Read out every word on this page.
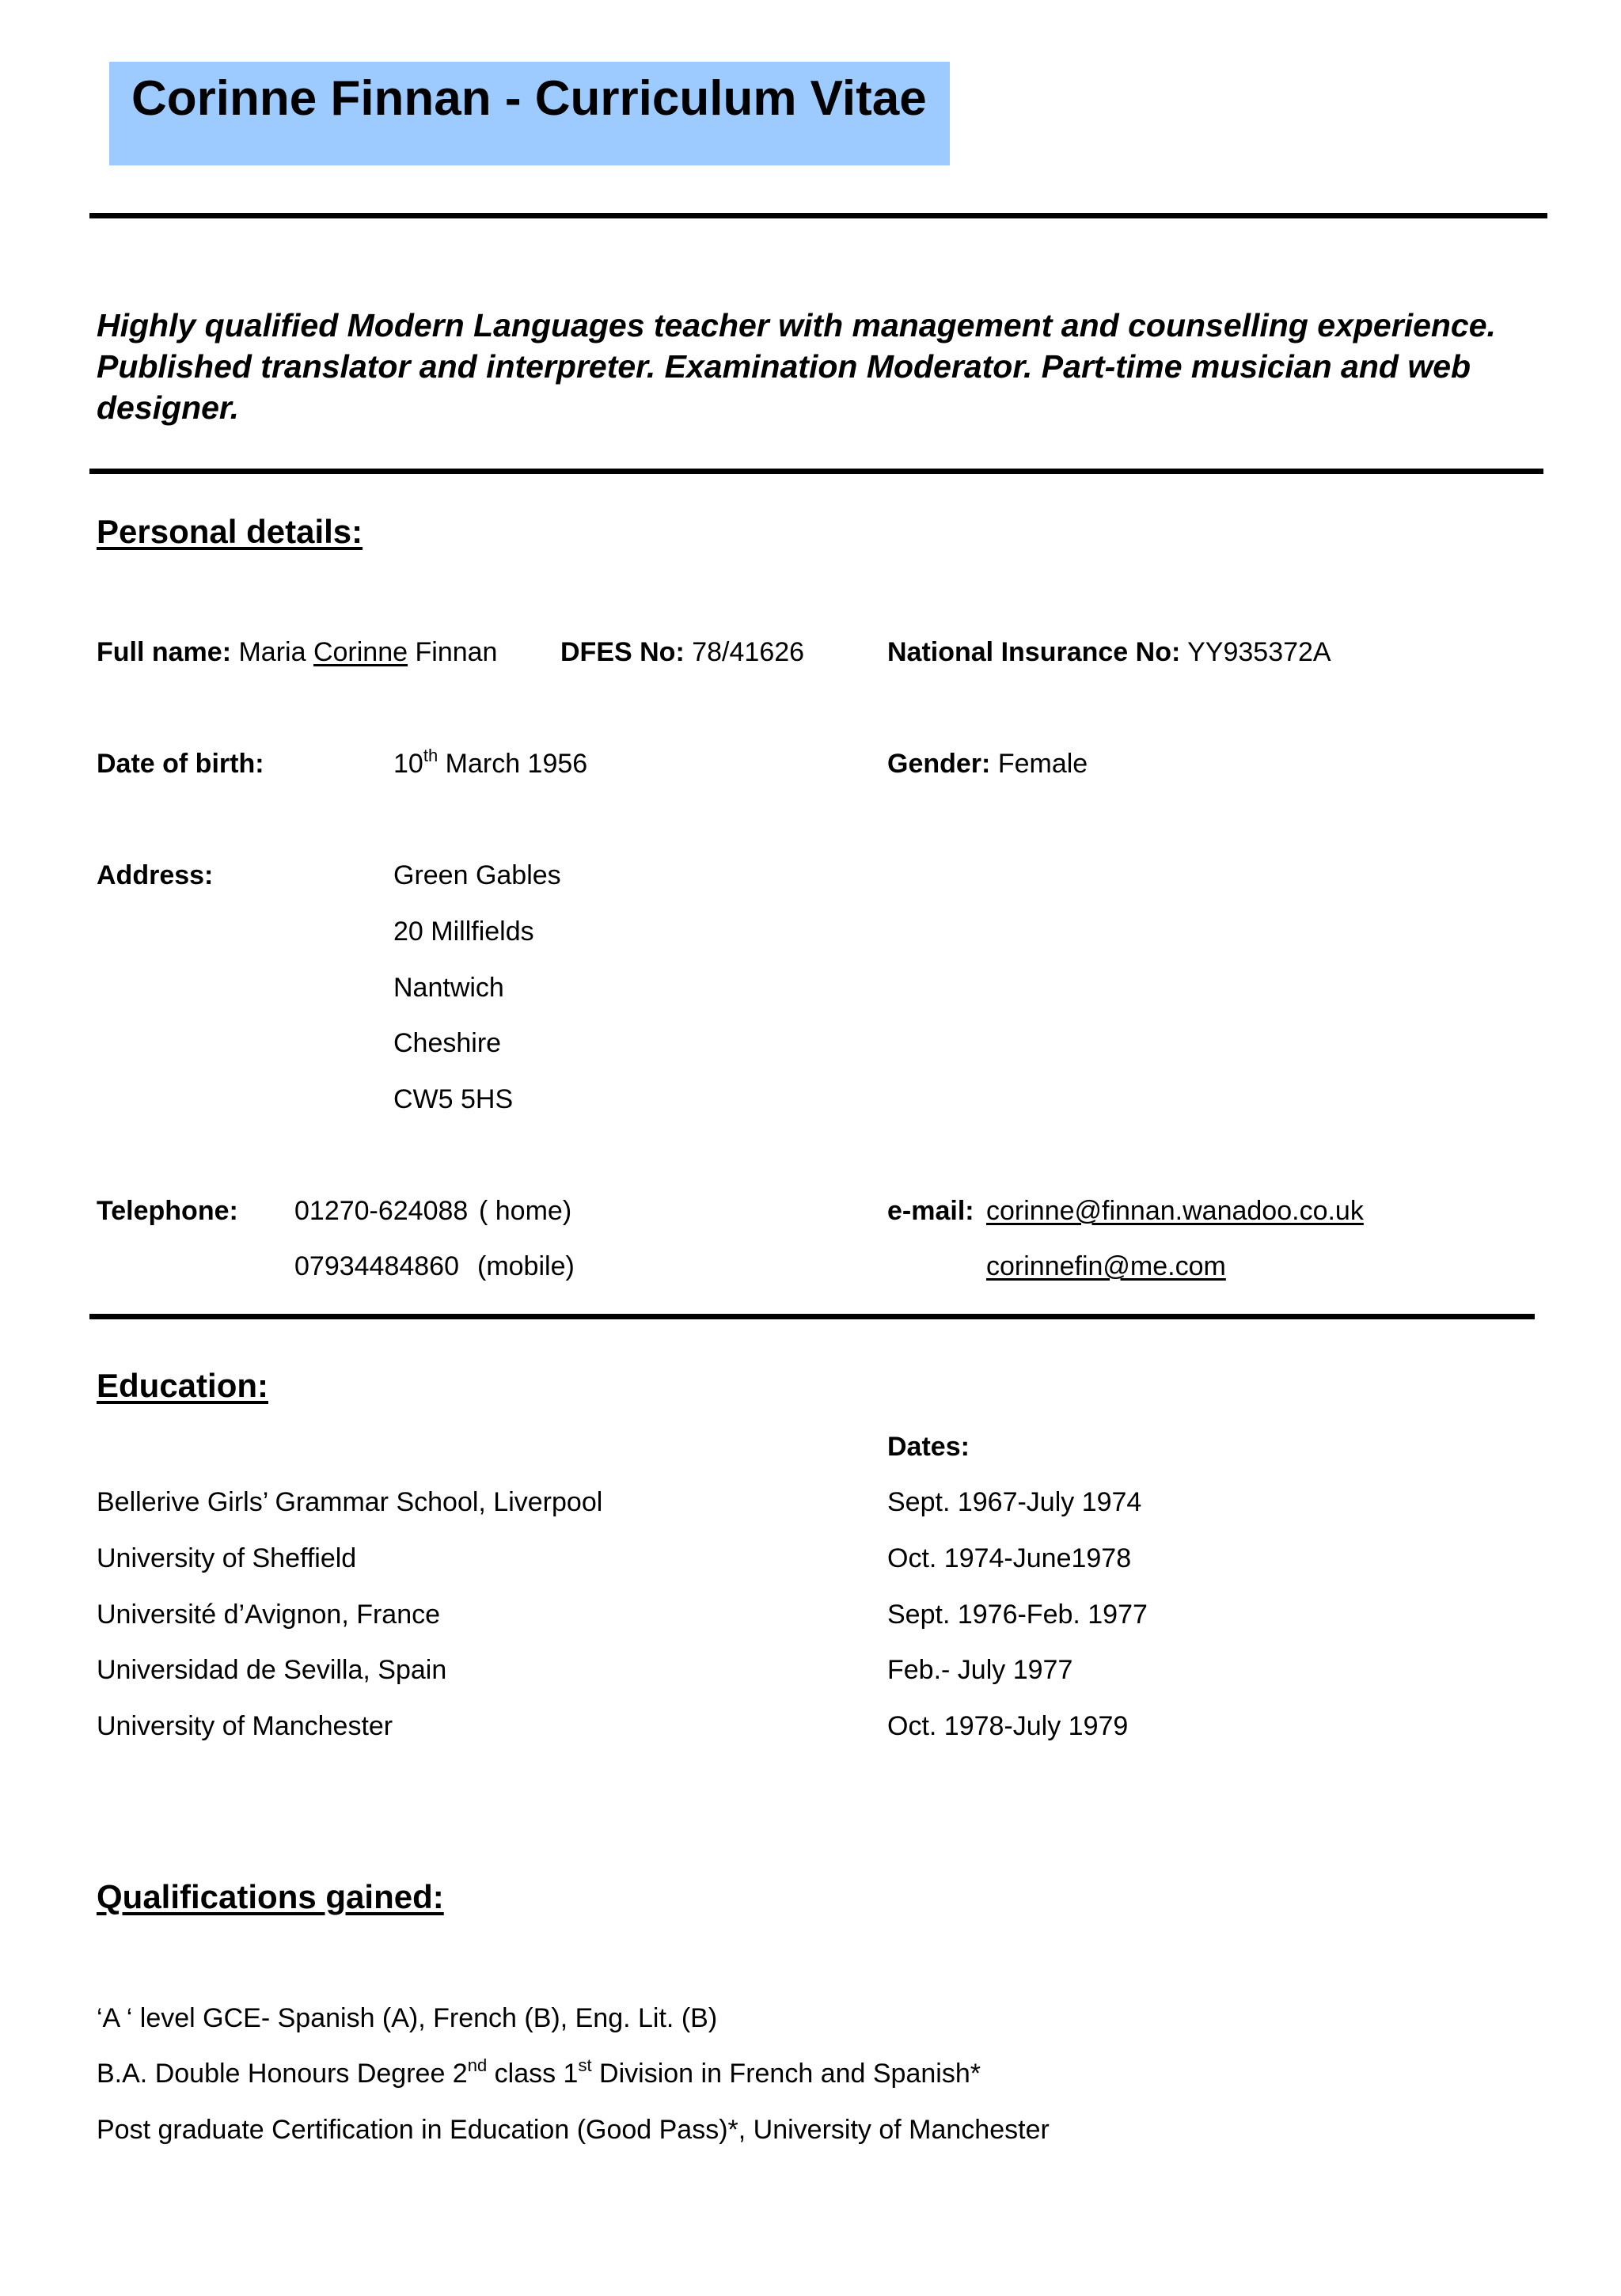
Corinne Finnan - Curriculum Vitae
Highly qualified Modern Languages teacher with management and counselling experience.
Published translator and interpreter. Examination Moderator. Part-time musician and web
designer.
Personal details:
Full name: Maria Corinne Finnan DFES No: 78/41626	National Insurance No: YY935372A
Date of birth:	10th March 1956	Gender: Female
Address:	Green Gables
20 Millfields
Nantwich
Cheshire
CW5 5HS
Telephone: 01270-624088 ( home)
07934484860 (mobile)
e-mail: corinne@finnan.wanadoo.co.uk
corinnefin@me.com
Education:
Dates:
Bellerive Girls’ Grammar School, Liverpool	Sept. 1967-July 1974
University of Sheffield	Oct. 1974-June1978
Université d’Avignon, France	Sept. 1976-Feb. 1977
Universidad de Sevilla, Spain	Feb.- July 1977
University of Manchester	Oct. 1978-July 1979
Qualifications gained:
‘A ‘ level GCE- Spanish (A), French (B), Eng. Lit. (B)
B.A. Double Honours Degree 2nd class 1st Division in French and Spanish*
Post graduate Certification in Education (Good Pass)*, University of Manchester
